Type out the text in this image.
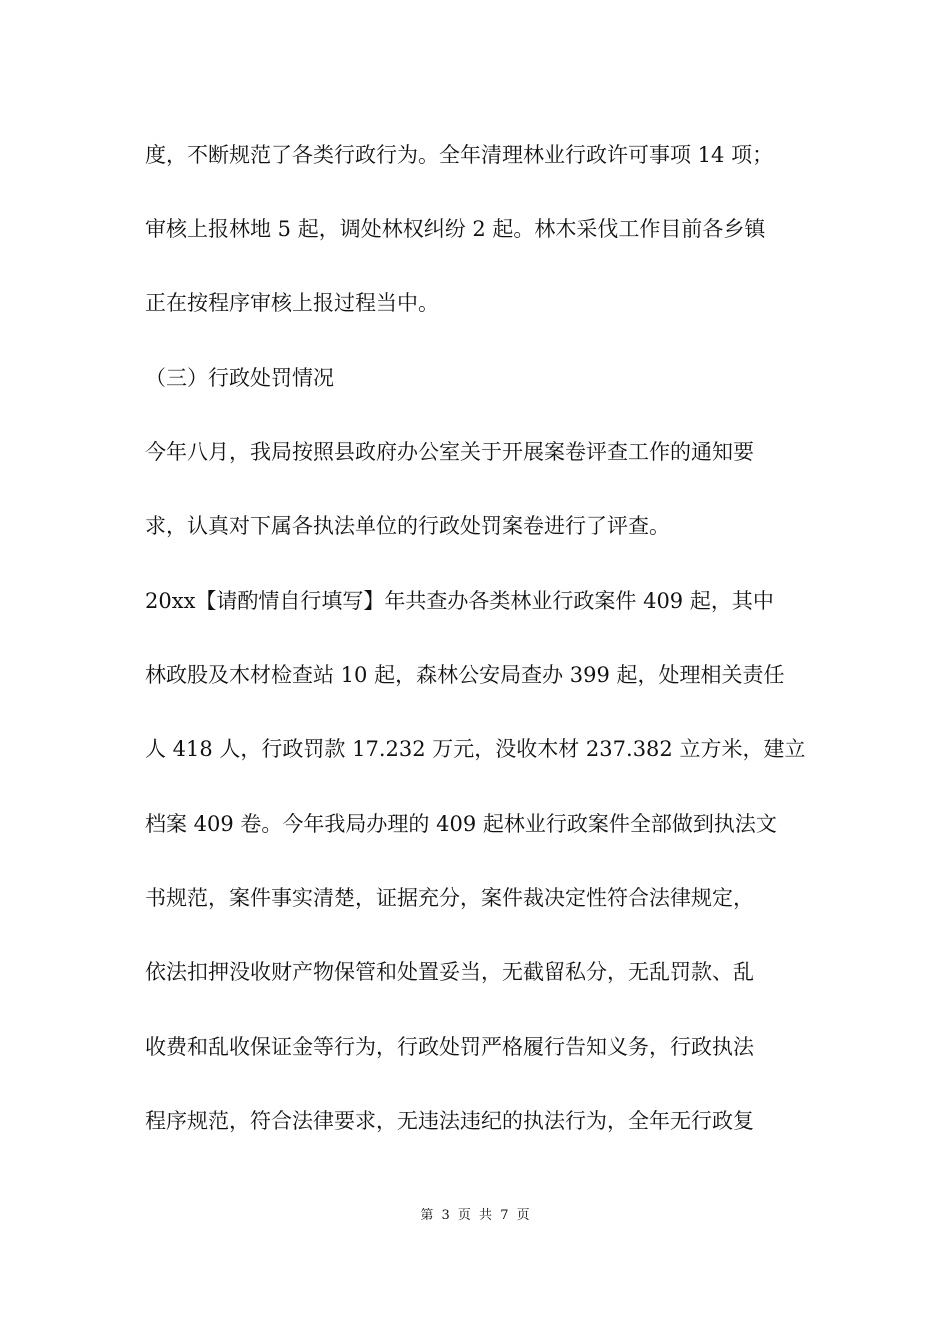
度，不断规范了各类行政行为。全年清理林业行政许可事项 14 项；
审核上报林地 5 起，调处林权纠纷 2 起。林木采伐工作目前各乡镇
正在按程序审核上报过程当中。
（三）行政处罚情况
今年八月，我局按照县政府办公室关于开展案卷评查工作的通知要
求，认真对下属各执法单位的行政处罚案卷进行了评查。
20xx【请酌情自行填写】年共查办各类林业行政案件 409 起，其中
林政股及木材检查站 10 起，森林公安局查办 399 起，处理相关责任
人 418 人，行政罚款 17.232 万元，没收木材 237.382 立方米，建立
档案 409 卷。今年我局办理的 409 起林业行政案件全部做到执法文
书规范，案件事实清楚，证据充分，案件裁决定性符合法律规定，
依法扣押没收财产物保管和处置妥当，无截留私分，无乱罚款、乱
收费和乱收保证金等行为，行政处罚严格履行告知义务，行政执法
程序规范，符合法律要求，无违法违纪的执法行为，全年无行政复
第 3 页 共 7 页
